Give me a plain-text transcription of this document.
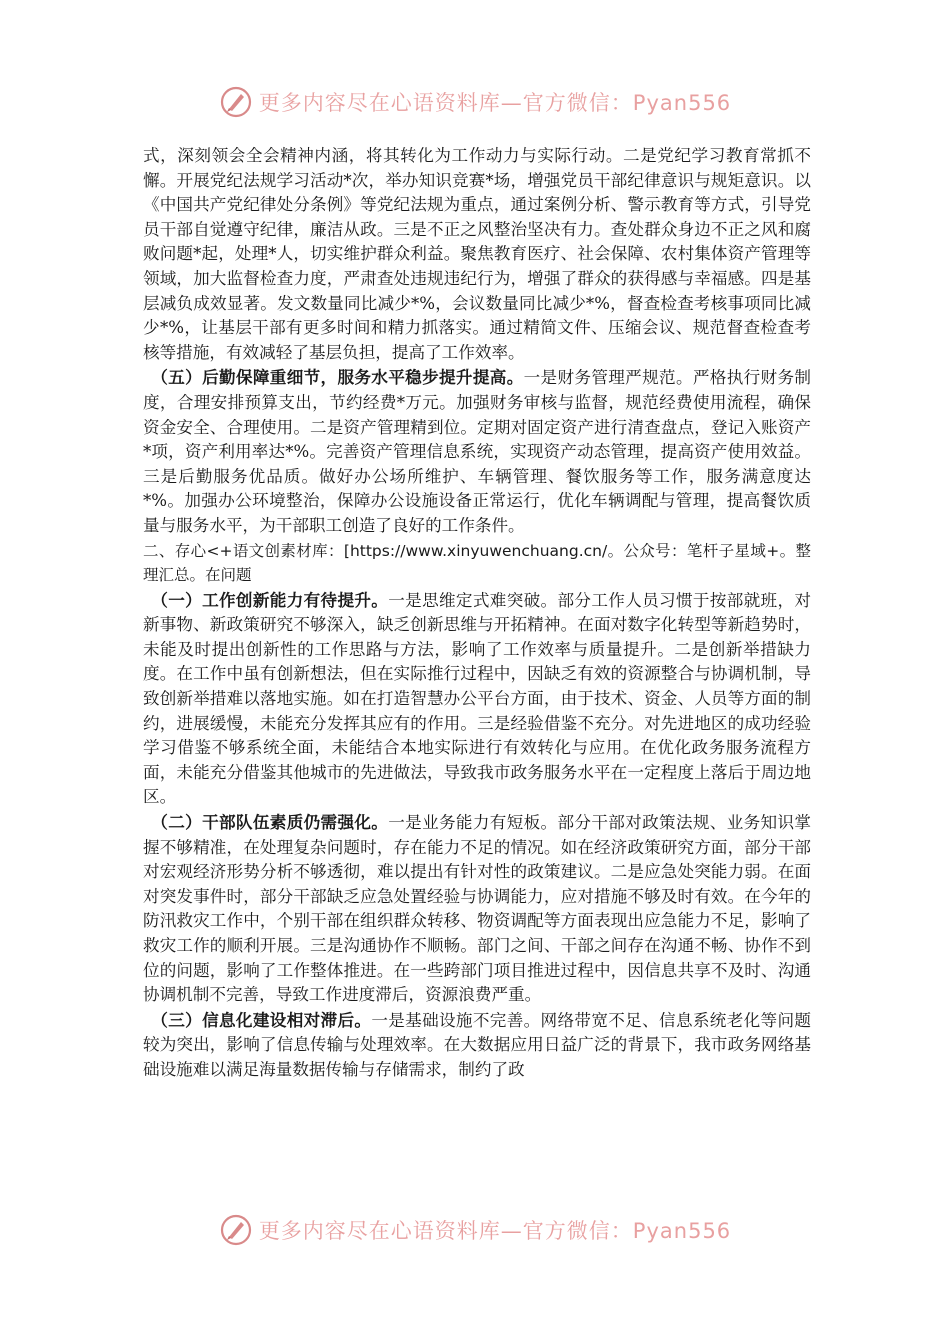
更多内容尽在心语资料库—官方微信：Pyan556

式，深刻领会全会精神内涵，将其转化为工作动力与实际行动。二是党纪学习教育常抓不懈。开展党纪法规学习活动*次，举办知识竞赛*场，增强党员干部纪律意识与规矩意识。以《中国共产党纪律处分条例》等党纪法规为重点，通过案例分析、警示教育等方式，引导党员干部自觉遵守纪律，廉洁从政。三是不正之风整治坚决有力。查处群众身边不正之风和腐败问题*起，处理*人，切实维护群众利益。聚焦教育医疗、社会保障、农村集体资产管理等领域，加大监督检查力度，严肃查处违规违纪行为，增强了群众的获得感与幸福感。四是基层减负成效显著。发文数量同比减少*%，会议数量同比减少*%，督查检查考核事项同比减少*%，让基层干部有更多时间和精力抓落实。通过精简文件、压缩会议、规范督查检查考核等措施，有效减轻了基层负担，提高了工作效率。

（五）后勤保障重细节，服务水平稳步提升提高。一是财务管理严规范。严格执行财务制度，合理安排预算支出，节约经费*万元。加强财务审核与监督，规范经费使用流程，确保资金安全、合理使用。二是资产管理精到位。定期对固定资产进行清查盘点，登记入账资产*项，资产利用率达*%。完善资产管理信息系统，实现资产动态管理，提高资产使用效益。三是后勤服务优品质。做好办公场所维护、车辆管理、餐饮服务等工作，服务满意度达*%。加强办公环境整治，保障办公设施设备正常运行，优化车辆调配与管理，提高餐饮质量与服务水平，为干部职工创造了良好的工作条件。

二、存心<+语文创素材库：[https://www.xinyuwenchuang.cn/。公众号：笔杆子星域+。整理汇总。在问题

（一）工作创新能力有待提升。一是思维定式难突破。部分工作人员习惯于按部就班，对新事物、新政策研究不够深入，缺乏创新思维与开拓精神。在面对数字化转型等新趋势时，未能及时提出创新性的工作思路与方法，影响了工作效率与质量提升。二是创新举措缺力度。在工作中虽有创新想法，但在实际推行过程中，因缺乏有效的资源整合与协调机制，导致创新举措难以落地实施。如在打造智慧办公平台方面，由于技术、资金、人员等方面的制约，进展缓慢，未能充分发挥其应有的作用。三是经验借鉴不充分。对先进地区的成功经验学习借鉴不够系统全面，未能结合本地实际进行有效转化与应用。在优化政务服务流程方面，未能充分借鉴其他城市的先进做法，导致我市政务服务水平在一定程度上落后于周边地区。

（二）干部队伍素质仍需强化。一是业务能力有短板。部分干部对政策法规、业务知识掌握不够精准，在处理复杂问题时，存在能力不足的情况。如在经济政策研究方面，部分干部对宏观经济形势分析不够透彻，难以提出有针对性的政策建议。二是应急处突能力弱。在面对突发事件时，部分干部缺乏应急处置经验与协调能力，应对措施不够及时有效。在今年的防汛救灾工作中，个别干部在组织群众转移、物资调配等方面表现出应急能力不足，影响了救灾工作的顺利开展。三是沟通协作不顺畅。部门之间、干部之间存在沟通不畅、协作不到位的问题，影响了工作整体推进。在一些跨部门项目推进过程中，因信息共享不及时、沟通协调机制不完善，导致工作进度滞后，资源浪费严重。

（三）信息化建设相对滞后。一是基础设施不完善。网络带宽不足、信息系统老化等问题较为突出，影响了信息传输与处理效率。在大数据应用日益广泛的背景下，我市政务网络基础设施难以满足海量数据传输与存储需求，制约了政

更多内容尽在心语资料库—官方微信：Pyan556
